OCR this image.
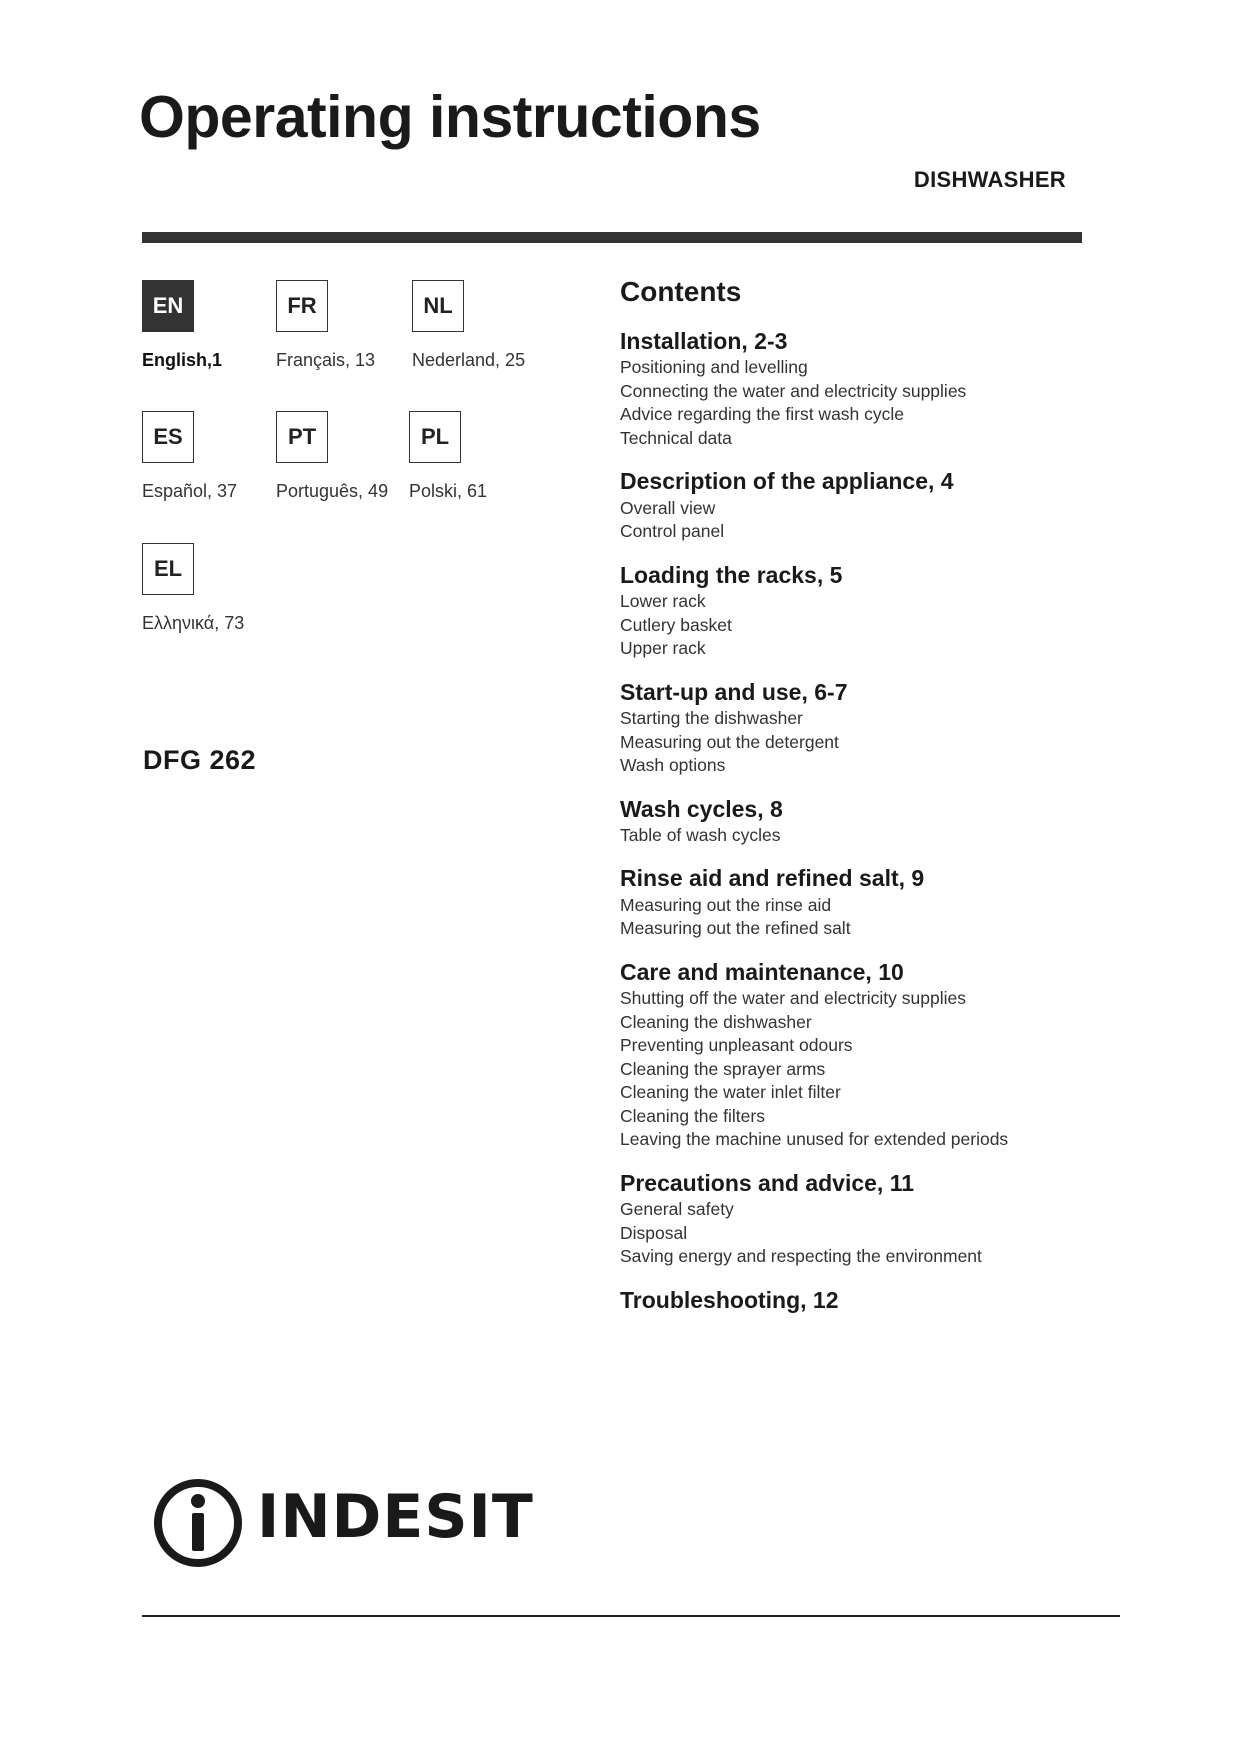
Operating instructions
DISHWASHER
EN
English,1
FR
Français, 13
NL
Nederland, 25
ES
Español, 37
PT
Português, 49
PL
Polski, 61
EL
Ελληνικά, 73
DFG 262
Contents
Installation, 2-3
Positioning and levelling
Connecting the water and electricity supplies
Advice regarding the first wash cycle
Technical data
Description of the appliance, 4
Overall view
Control panel
Loading the racks, 5
Lower rack
Cutlery basket
Upper rack
Start-up and use, 6-7
Starting the dishwasher
Measuring out the detergent
Wash options
Wash cycles, 8
Table of wash cycles
Rinse aid and refined salt, 9
Measuring out the rinse aid
Measuring out the refined salt
Care and maintenance, 10
Shutting off the water and electricity supplies
Cleaning the dishwasher
Preventing unpleasant odours
Cleaning the sprayer arms
Cleaning the water inlet filter
Cleaning the filters
Leaving the machine unused for extended periods
Precautions and advice, 11
General safety
Disposal
Saving energy and respecting the environment
Troubleshooting, 12
INDESIT
